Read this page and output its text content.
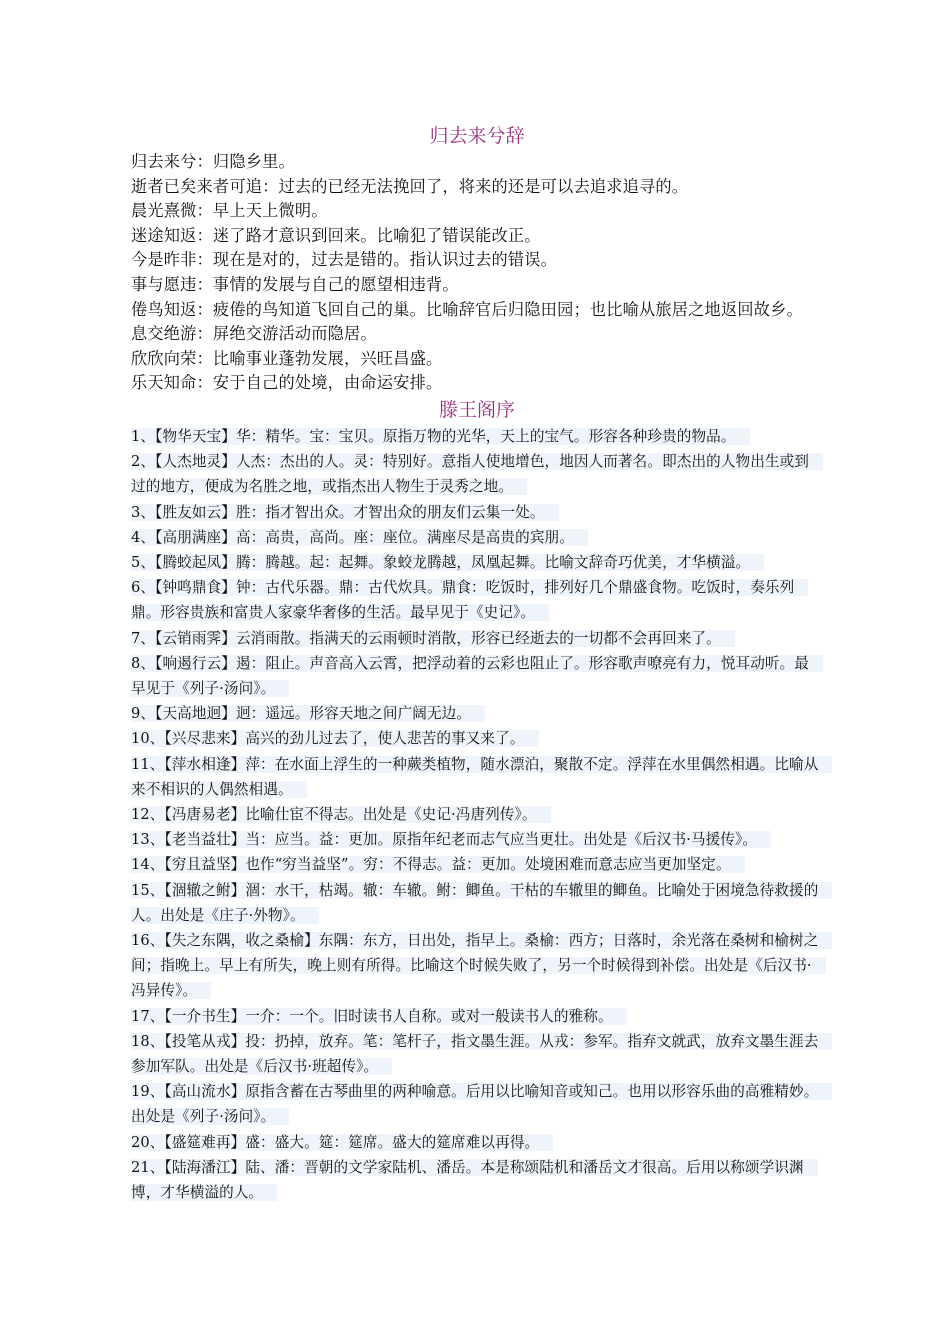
归去来兮辞

归去来兮：归隐乡里。

逝者已矣来者可追：过去的已经无法挽回了，将来的还是可以去追求追寻的。

晨光熹微：早上天上微明。

迷途知返：迷了路才意识到回来。比喻犯了错误能改正。

今是昨非：现在是对的，过去是错的。指认识过去的错误。

事与愿违：事情的发展与自己的愿望相违背。

倦鸟知返：疲倦的鸟知道飞回自己的巢。比喻辞官后归隐田园；也比喻从旅居之地返回故乡。

息交绝游：屏绝交游活动而隐居。

欣欣向荣：比喻事业蓬勃发展，兴旺昌盛。

乐天知命：安于自己的处境，由命运安排。

滕王阁序

1、【物华天宝】华：精华。宝：宝贝。原指万物的光华，天上的宝气。形容各种珍贵的物品。

2、【人杰地灵】人杰：杰出的人。灵：特别好。意指人使地增色，地因人而著名。即杰出的人物出生或到过的地方，便成为名胜之地，或指杰出人物生于灵秀之地。

3、【胜友如云】胜：指才智出众。才智出众的朋友们云集一处。

4、【高朋满座】高：高贵，高尚。座：座位。满座尽是高贵的宾朋。

5、【腾蛟起凤】腾：腾越。起：起舞。象蛟龙腾越，凤凰起舞。比喻文辞奇巧优美，才华横溢。

6、【钟鸣鼎食】钟：古代乐器。鼎：古代炊具。鼎食：吃饭时，排列好几个鼎盛食物。吃饭时，奏乐列鼎。形容贵族和富贵人家豪华奢侈的生活。最早见于《史记》。

7、【云销雨霁】云消雨散。指满天的云雨顿时消散，形容已经逝去的一切都不会再回来了。

8、【响遏行云】遏：阻止。声音高入云霄，把浮动着的云彩也阻止了。形容歌声嘹亮有力，悦耳动听。最早见于《列子·汤问》。

9、【天高地迥】迥：遥远。形容天地之间广阔无边。

10、【兴尽悲来】高兴的劲儿过去了，使人悲苦的事又来了。

11、【萍水相逢】萍：在水面上浮生的一种蕨类植物，随水漂泊，聚散不定。浮萍在水里偶然相遇。比喻从来不相识的人偶然相遇。

12、【冯唐易老】比喻仕宦不得志。出处是《史记·冯唐列传》。

13、【老当益壮】当：应当。益：更加。原指年纪老而志气应当更壮。出处是《后汉书·马援传》。

14、【穷且益坚】也作“穷当益坚”。穷：不得志。益：更加。处境困难而意志应当更加坚定。

15、【涸辙之鲋】涸：水干，枯竭。辙：车辙。鲋：鲫鱼。干枯的车辙里的鲫鱼。比喻处于困境急待救援的人。出处是《庄子·外物》。

16、【失之东隅，收之桑榆】东隅：东方，日出处，指早上。桑榆：西方；日落时，余光落在桑树和榆树之间；指晚上。早上有所失，晚上则有所得。比喻这个时候失败了，另一个时候得到补偿。出处是《后汉书·冯异传》。

17、【一介书生】一介：一个。旧时读书人自称。或对一般读书人的雅称。

18、【投笔从戎】投：扔掉，放弃。笔：笔杆子，指文墨生涯。从戎：参军。指弃文就武，放弃文墨生涯去参加军队。出处是《后汉书·班超传》。

19、【高山流水】原指含蓄在古琴曲里的两种喻意。后用以比喻知音或知己。也用以形容乐曲的高雅精妙。出处是《列子·汤问》。

20、【盛筵难再】盛：盛大。筵：筵席。盛大的筵席难以再得。

21、【陆海潘江】陆、潘：晋朝的文学家陆机、潘岳。本是称颂陆机和潘岳文才很高。后用以称颂学识渊博，才华横溢的人。
